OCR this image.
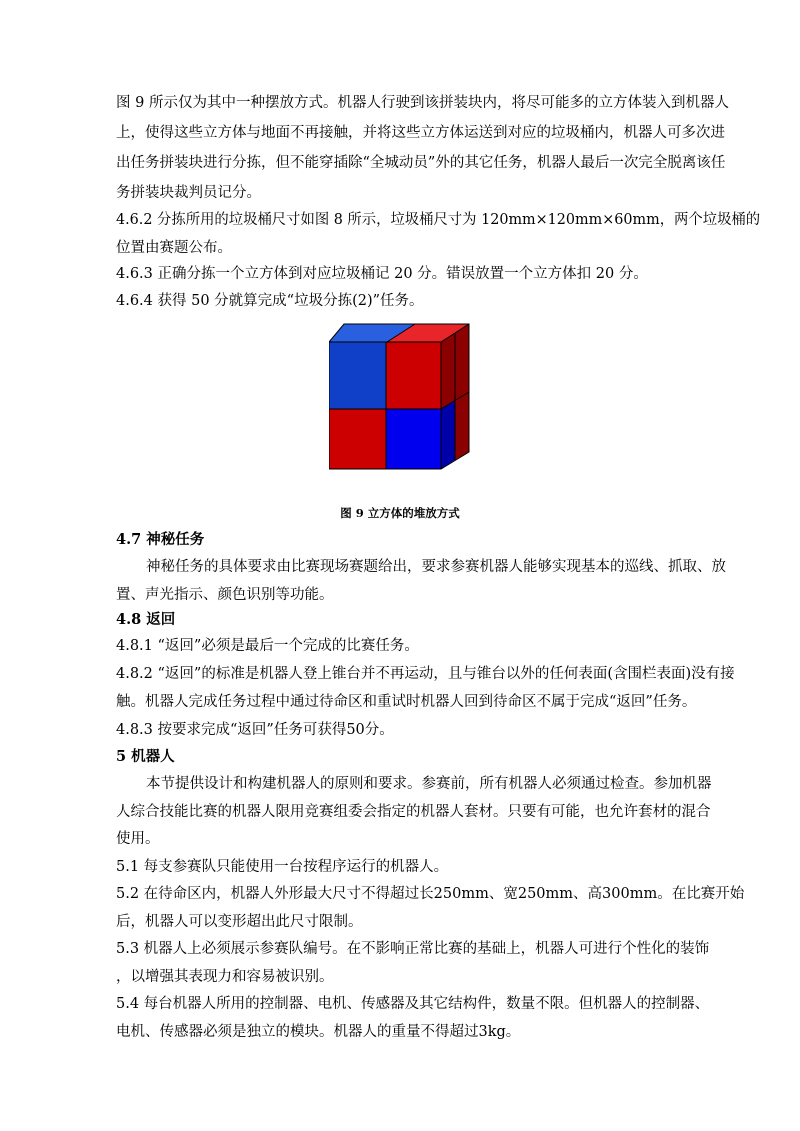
图 9 所示仅为其中一种摆放方式。机器人行驶到该拼装块内，将尽可能多的立方体装入到机器人
上，使得这些立方体与地面不再接触，并将这些立方体运送到对应的垃圾桶内，机器人可多次进
出任务拼装块进行分拣，但不能穿插除“全城动员”外的其它任务，机器人最后一次完全脱离该任
务拼装块裁判员记分。
4.6.2 分拣所用的垃圾桶尺寸如图 8 所示，垃圾桶尺寸为 120mm×120mm×60mm，两个垃圾桶的
位置由赛题公布。
4.6.3 正确分拣一个立方体到对应垃圾桶记 20 分。错误放置一个立方体扣 20 分。
4.6.4 获得 50 分就算完成“垃圾分拣(2)”任务。
图 9 立方体的堆放方式
4.7 神秘任务
神秘任务的具体要求由比赛现场赛题给出，要求参赛机器人能够实现基本的巡线、抓取、放
置、声光指示、颜色识别等功能。
4.8 返回
4.8.1 “返回”必须是最后一个完成的比赛任务。
4.8.2 “返回”的标准是机器人登上锥台并不再运动，且与锥台以外的任何表面(含围栏表面)没有接
触。机器人完成任务过程中通过待命区和重试时机器人回到待命区不属于完成“返回”任务。
4.8.3 按要求完成“返回”任务可获得50分。
5 机器人
本节提供设计和构建机器人的原则和要求。参赛前，所有机器人必须通过检查。参加机器
人综合技能比赛的机器人限用竞赛组委会指定的机器人套材。只要有可能，也允许套材的混合
使用。
5.1 每支参赛队只能使用一台按程序运行的机器人。
5.2 在待命区内，机器人外形最大尺寸不得超过长250mm、宽250mm、高300mm。在比赛开始
后，机器人可以变形超出此尺寸限制。
5.3 机器人上必须展示参赛队编号。在不影响正常比赛的基础上，机器人可进行个性化的装饰
，以增强其表现力和容易被识别。
5.4 每台机器人所用的控制器、电机、传感器及其它结构件，数量不限。但机器人的控制器、
电机、传感器必须是独立的模块。机器人的重量不得超过3kg。
